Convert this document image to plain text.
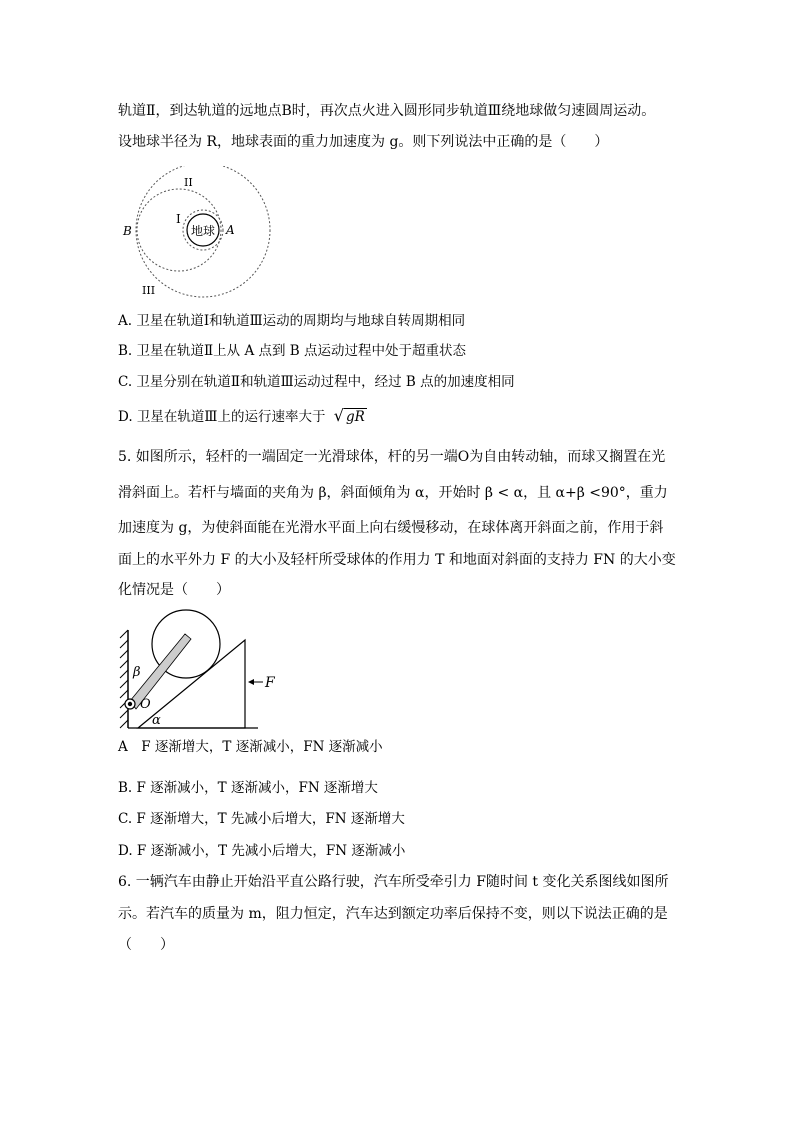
轨道Ⅱ，到达轨道的远地点B时，再次点火进入圆形同步轨道Ⅲ绕地球做匀速圆周运动。
设地球半径为 R，地球表面的重力加速度为 g。则下列说法中正确的是（　　）
地球
I
II
III
A
B
A. 卫星在轨道Ⅰ和轨道Ⅲ运动的周期均与地球自转周期相同
B. 卫星在轨道Ⅱ上从 A 点到 B 点运动过程中处于超重状态
C. 卫星分别在轨道Ⅱ和轨道Ⅲ运动过程中，经过 B 点的加速度相同
D. 卫星在轨道Ⅲ上的运行速率大于 √ gR
5. 如图所示，轻杆的一端固定一光滑球体，杆的另一端O为自由转动轴，而球又搁置在光
滑斜面上。若杆与墙面的夹角为 β，斜面倾角为 α，开始时 β < α，且 α+β <90°，重力
加速度为 g，为使斜面能在光滑水平面上向右缓慢移动，在球体离开斜面之前，作用于斜
面上的水平外力 F 的大小及轻杆所受球体的作用力 T 和地面对斜面的支持力 FN 的大小变
化情况是（　　）
β
O
α
F
A　F 逐渐增大，T 逐渐减小，FN 逐渐减小
B. F 逐渐减小，T 逐渐减小，FN 逐渐增大
C. F 逐渐增大，T 先减小后增大，FN 逐渐增大
D. F 逐渐减小，T 先减小后增大，FN 逐渐减小
6. 一辆汽车由静止开始沿平直公路行驶，汽车所受牵引力 F随时间 t 变化关系图线如图所
示。若汽车的质量为 m，阻力恒定，汽车达到额定功率后保持不变，则以下说法正确的是
（　　）
